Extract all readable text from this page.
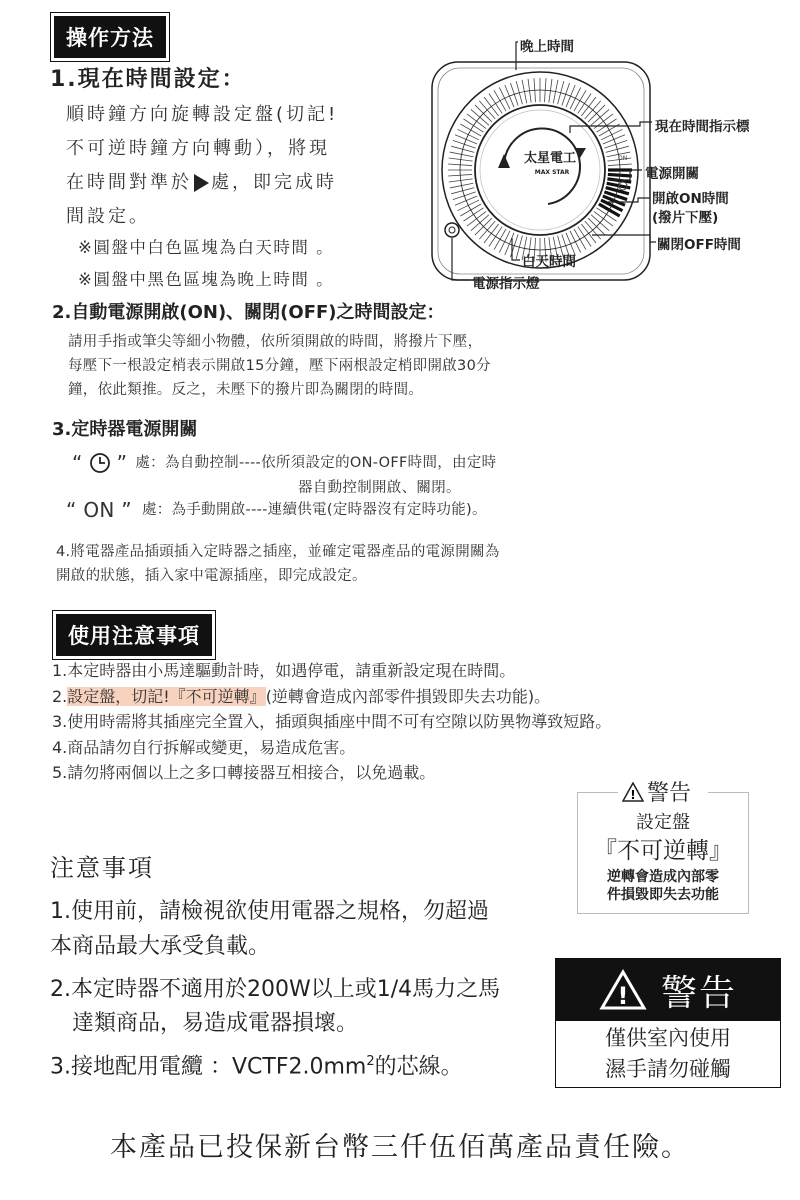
操作方法
1.現在時間設定：
順時鐘方向旋轉設定盤(切記!
不可逆時鐘方向轉動），將現
在時間對準於 處，即完成時
間設定。
※圓盤中白色區塊為白天時間 。
※圓盤中黑色區塊為晚上時間 。
太星電工
MAX STAR
ON
晚上時間
現在時間指示標
電源開關
開啟ON時間
(撥片下壓)
關閉OFF時間
白天時間
電源指示燈
2.自動電源開啟(ON)、關閉(OFF)之時間設定：
請用手指或筆尖等細小物體，依所須開啟的時間，將撥片下壓，
每壓下一根設定梢表示開啟15分鐘，壓下兩根設定梢即開啟30分
鐘，依此類推。反之，未壓下的撥片即為關閉的時間。
3.定時器電源開關
“ ” 處：為自動控制----依所須設定的ON-OFF時間，由定時
器自動控制開啟、關閉。
“ ON ” 處：為手動開啟----連續供電(定時器沒有定時功能)。
4.將電器產品插頭插入定時器之插座，並確定電器產品的電源開關為
開啟的狀態，插入家中電源插座，即完成設定。
使用注意事項
1.本定時器由小馬達驅動計時，如遇停電，請重新設定現在時間。
2.設定盤，切記!『不可逆轉』(逆轉會造成內部零件損毀即失去功能)。
3.使用時需將其插座完全置入，插頭與插座中間不可有空隙以防異物導致短路。
4.商品請勿自行拆解或變更，易造成危害。
5.請勿將兩個以上之多口轉接器互相接合，以免過載。
! 警告
設定盤
『不可逆轉』
逆轉會造成內部零
件損毀即失去功能
注意事項
1.使用前，請檢視欲使用電器之規格，勿超過
本商品最大承受負載。
2.本定時器不適用於200W以上或1/4馬力之馬
達類商品，易造成電器損壞。
3.接地配用電纜 ：$VCTF2.0mm^2$的芯線。
! 警告
僅供室內使用
濕手請勿碰觸
本產品已投保新台幣三仟伍佰萬產品責任險。
